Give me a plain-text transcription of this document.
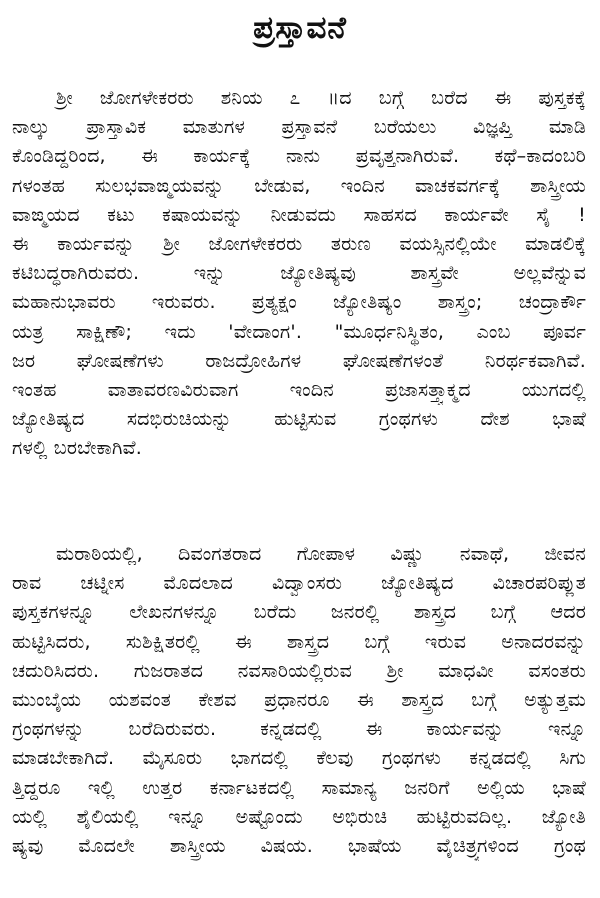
ಪ್ರಸ್ತಾವನೆ
ಶ್ರೀ ಜೋಗಳೇಕರರು ಶನಿಯ ೭ ॥ದ ಬಗ್ಗೆ ಬರೆದ ಈ ಪುಸ್ತಕಕ್ಕೆ
ನಾಲ್ಕು ಪ್ರಾಸ್ತಾವಿಕ ಮಾತುಗಳ ಪ್ರಸ್ತಾವನೆ ಬರೆಯಲು ವಿಜ್ಞಪ್ತಿ ಮಾಡಿ
ಕೊಂಡಿದ್ದರಿಂದ, ಈ ಕಾರ್ಯಕ್ಕೆ ನಾನು ಪ್ರವೃತ್ತನಾಗಿರುವೆ. ಕಥೆ–ಕಾದಂಬರಿ
ಗಳಂತಹ ಸುಲಭವಾಙ್ಮಯವನ್ನು ಬೇಡುವ, ಇಂದಿನ ವಾಚಕವರ್ಗಕ್ಕೆ ಶಾಸ್ತ್ರೀಯ
ವಾಙ್ಮಯದ ಕಟು ಕಷಾಯವನ್ನು ನೀಡುವದು ಸಾಹಸದ ಕಾರ್ಯವೇ ಸೈ !
ಈ ಕಾರ್ಯವನ್ನು ಶ್ರೀ ಜೋಗಳೇಕರರು ತರುಣ ವಯಸ್ಸಿನಲ್ಲಿಯೇ ಮಾಡಲಿಕ್ಕೆ
ಕಟಿಬದ್ಧರಾಗಿರುವರು. ಇನ್ನು ಜ್ಯೋತಿಷ್ಯವು ಶಾಸ್ತ್ರವೇ ಅಲ್ಲವೆನ್ನುವ
ಮಹಾನುಭಾವರು ಇರುವರು. ಪ್ರತ್ಯಕ್ಷಂ ಜ್ಯೋತಿಷ್ಯಂ ಶಾಸ್ತ್ರಂ; ಚಂದ್ರಾರ್ಕೌ
ಯತ್ರ ಸಾಕ್ಷಿಣೌ; ಇದು 'ವೇದಾಂಗ'. "ಮೂರ್ಧನಿಸ್ಥಿತಂ, ಎಂಬ ಪೂರ್ವ
ಜರ ಘೋಷಣೆಗಳು ರಾಜದ್ರೋಹಿಗಳ ಘೋಷಣೆಗಳಂತೆ ನಿರರ್ಥಕವಾಗಿವೆ.
ಇಂತಹ ವಾತಾವರಣವಿರುವಾಗ ಇಂದಿನ ಪ್ರಜಾಸತ್ತ್ವಾಕ್ಮದ ಯುಗದಲ್ಲಿ
ಜ್ಯೋತಿಷ್ಯದ ಸದಭಿರುಚಿಯನ್ನು ಹುಟ್ಟಿಸುವ ಗ್ರಂಥಗಳು ದೇಶ ಭಾಷೆ
ಗಳಲ್ಲಿ ಬರಬೇಕಾಗಿವೆ.
ಮರಾಠಿಯಲ್ಲಿ, ದಿವಂಗತರಾದ ಗೋಪಾಳ ವಿಷ್ಣು ನವಾಥೆ, ಜೀವನ
ರಾವ ಚಟ್ನೀಸ ಮೊದಲಾದ ವಿದ್ವಾಂಸರು ಜ್ಯೋತಿಷ್ಯದ ವಿಚಾರಪರಿಪ್ಲುತ
ಪುಸ್ತಕಗಳನ್ನೂ ಲೇಖನಗಳನ್ನೂ ಬರೆದು ಜನರಲ್ಲಿ ಶಾಸ್ತ್ರದ ಬಗ್ಗೆ ಆದರ
ಹುಟ್ಟಿಸಿದರು, ಸುಶಿಕ್ಷಿತರಲ್ಲಿ ಈ ಶಾಸ್ತ್ರದ ಬಗ್ಗೆ ಇರುವ ಅನಾದರವನ್ನು
ಚದುರಿಸಿದರು. ಗುಜರಾತದ ನವಸಾರಿಯಲ್ಲಿರುವ ಶ್ರೀ ಮಾಧವೀ ವಸಂತರು
ಮುಂಬೈಯ ಯಶವಂತ ಕೇಶವ ಪ್ರಧಾನರೂ ಈ ಶಾಸ್ತ್ರದ ಬಗ್ಗೆ ಅತ್ಯುತ್ತಮ
ಗ್ರಂಥಗಳನ್ನು ಬರೆದಿರುವರು. ಕನ್ನಡದಲ್ಲಿ ಈ ಕಾರ್ಯವನ್ನು ಇನ್ನೂ
ಮಾಡಬೇಕಾಗಿದೆ. ಮೈಸೂರು ಭಾಗದಲ್ಲಿ ಕೆಲವು ಗ್ರಂಥಗಳು ಕನ್ನಡದಲ್ಲಿ ಸಿಗು
ತ್ತಿದ್ದರೂ ಇಲ್ಲಿ ಉತ್ತರ ಕರ್ನಾಟಕದಲ್ಲಿ ಸಾಮಾನ್ಯ ಜನರಿಗೆ ಅಲ್ಲಿಯ ಭಾಷೆ
ಯಲ್ಲಿ ಶೈಲಿಯಲ್ಲಿ ಇನ್ನೂ ಅಷ್ಟೊಂದು ಅಭಿರುಚಿ ಹುಟ್ಟಿರುವದಿಲ್ಲ. ಜ್ಯೋತಿ
ಷ್ಯವು ಮೊದಲೇ ಶಾಸ್ತ್ರೀಯ ವಿಷಯ. ಭಾಷೆಯ ವೈಚಿತ್ರ್ಯಗಳಿಂದ ಗ್ರಂಥ
